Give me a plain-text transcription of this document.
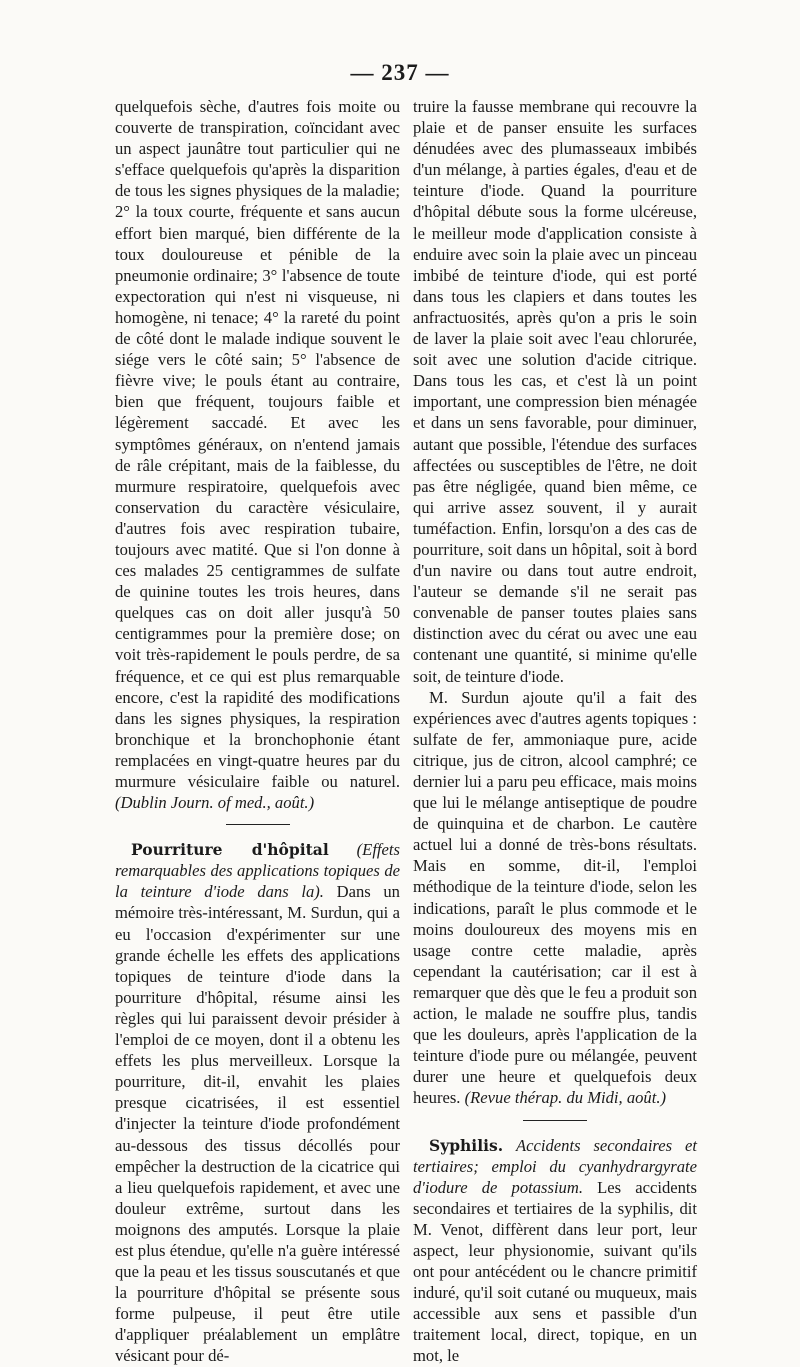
— 237 —

quelquefois sèche, d'autres fois moite ou couverte de transpiration, coïncidant avec un aspect jaunâtre tout particulier qui ne s'efface quelquefois qu'après la disparition de tous les signes physiques de la maladie; 2° la toux courte, fréquente et sans aucun effort bien marqué, bien différente de la toux douloureuse et pénible de la pneumonie ordinaire; 3° l'absence de toute expectoration qui n'est ni visqueuse, ni homogène, ni tenace; 4° la rareté du point de côté dont le malade indique souvent le siége vers le côté sain; 5° l'absence de fièvre vive; le pouls étant au contraire, bien que fréquent, toujours faible et légèrement saccadé. Et avec les symptômes généraux, on n'entend jamais de râle crépitant, mais de la faiblesse, du murmure respiratoire, quelquefois avec conservation du caractère vésiculaire, d'autres fois avec respiration tubaire, toujours avec matité. Que si l'on donne à ces malades 25 centigrammes de sulfate de quinine toutes les trois heures, dans quelques cas on doit aller jusqu'à 50 centigrammes pour la première dose; on voit très-rapidement le pouls perdre, de sa fréquence, et ce qui est plus remarquable encore, c'est la rapidité des modifications dans les signes physiques, la respiration bronchique et la bronchophonie étant remplacées en vingt-quatre heures par du murmure vésiculaire faible ou naturel. (Dublin Journ. of med., août.)

Pourriture d'hôpital (Effets remarquables des applications topiques de la teinture d'iode dans la). Dans un mémoire très-intéressant, M. Surdun, qui a eu l'occasion d'expérimenter sur une grande échelle les effets des applications topiques de teinture d'iode dans la pourriture d'hôpital, résume ainsi les règles qui lui paraissent devoir présider à l'emploi de ce moyen, dont il a obtenu les effets les plus merveilleux. Lorsque la pourriture, dit-il, envahit les plaies presque cicatrisées, il est essentiel d'injecter la teinture d'iode profondément au-dessous des tissus décollés pour empêcher la destruction de la cicatrice qui a lieu quelquefois rapidement, et avec une douleur extrême, surtout dans les moignons des amputés. Lorsque la plaie est plus étendue, qu'elle n'a guère intéressé que la peau et les tissus souscutanés et que la pourriture d'hôpital se présente sous forme pulpeuse, il peut être utile d'appliquer préalablement un emplâtre vésicant pour dé-

truire la fausse membrane qui recouvre la plaie et de panser ensuite les surfaces dénudées avec des plumasseaux imbibés d'un mélange, à parties égales, d'eau et de teinture d'iode. Quand la pourriture d'hôpital débute sous la forme ulcéreuse, le meilleur mode d'application consiste à enduire avec soin la plaie avec un pinceau imbibé de teinture d'iode, qui est porté dans tous les clapiers et dans toutes les anfractuosités, après qu'on a pris le soin de laver la plaie soit avec l'eau chlorurée, soit avec une solution d'acide citrique. Dans tous les cas, et c'est là un point important, une compression bien ménagée et dans un sens favorable, pour diminuer, autant que possible, l'étendue des surfaces affectées ou susceptibles de l'être, ne doit pas être négligée, quand bien même, ce qui arrive assez souvent, il y aurait tuméfaction. Enfin, lorsqu'on a des cas de pourriture, soit dans un hôpital, soit à bord d'un navire ou dans tout autre endroit, l'auteur se demande s'il ne serait pas convenable de panser toutes plaies sans distinction avec du cérat ou avec une eau contenant une quantité, si minime qu'elle soit, de teinture d'iode.

M. Surdun ajoute qu'il a fait des expériences avec d'autres agents topiques : sulfate de fer, ammoniaque pure, acide citrique, jus de citron, alcool camphré; ce dernier lui a paru peu efficace, mais moins que lui le mélange antiseptique de poudre de quinquina et de charbon. Le cautère actuel lui a donné de très-bons résultats. Mais en somme, dit-il, l'emploi méthodique de la teinture d'iode, selon les indications, paraît le plus commode et le moins douloureux des moyens mis en usage contre cette maladie, après cependant la cautérisation; car il est à remarquer que dès que le feu a produit son action, le malade ne souffre plus, tandis que les douleurs, après l'application de la teinture d'iode pure ou mélangée, peuvent durer une heure et quelquefois deux heures. (Revue thérap. du Midi, août.)

Syphilis. Accidents secondaires et tertiaires; emploi du cyanhydrargyrate d'iodure de potassium. Les accidents secondaires et tertiaires de la syphilis, dit M. Venot, diffèrent dans leur port, leur aspect, leur physionomie, suivant qu'ils ont pour antécédent ou le chancre primitif induré, qu'il soit cutané ou muqueux, mais accessible aux sens et passible d'un traitement local, direct, topique, en un mot, le
